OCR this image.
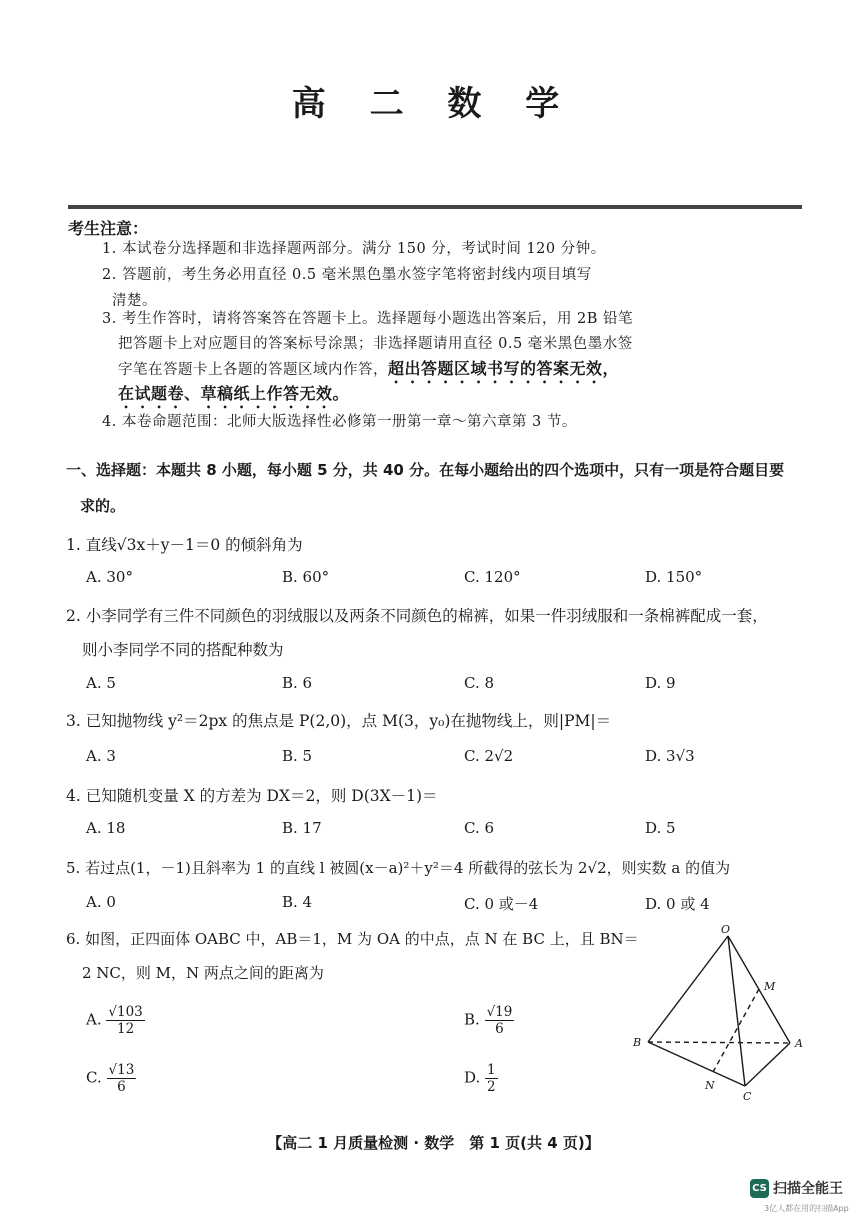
高 二 数 学
考生注意：
1. 本试卷分选择题和非选择题两部分。满分 150 分，考试时间 120 分钟。
2. 答题前，考生务必用直径 0.5 毫米黑色墨水签字笔将密封线内项目填写
清楚。
3. 考生作答时，请将答案答在答题卡上。选择题每小题选出答案后，用 2B 铅笔
把答题卡上对应题目的答案标号涂黑；非选择题请用直径 0.5 毫米黑色墨水签
字笔在答题卡上各题的答题区域内作答，超出答题区域书写的答案无效，
在试题卷、草稿纸上作答无效。
4. 本卷命题范围：北师大版选择性必修第一册第一章～第六章第 3 节。
一、选择题：本题共 8 小题，每小题 5 分，共 40 分。在每小题给出的四个选项中，只有一项是符合题目要
求的。
1. 直线√3x＋y－1＝0 的倾斜角为
A. 30°	B. 60°	C. 120°	D. 150°
2. 小李同学有三件不同颜色的羽绒服以及两条不同颜色的棉裤，如果一件羽绒服和一条棉裤配成一套，
则小李同学不同的搭配种数为
A. 5	B. 6	C. 8	D. 9
3. 已知抛物线 y²＝2px 的焦点是 P(2,0)，点 M(3，y₀)在抛物线上，则|PM|＝
A. 3	B. 5	C. 2√2	D. 3√3
4. 已知随机变量 X 的方差为 DX＝2，则 D(3X－1)＝
A. 18	B. 17	C. 6	D. 5
5. 若过点(1，－1)且斜率为 1 的直线 l 被圆(x－a)²＋y²＝4 所截得的弦长为 2√2，则实数 a 的值为
A. 0	B. 4	C. 0 或－4	D. 0 或 4
6. 如图，正四面体 OABC 中，AB＝1，M 为 OA 的中点，点 N 在 BC 上，且 BN＝
2 NC，则 M，N 两点之间的距离为
A. $\frac{√103}{12}$	B. $\frac{√19}{6}$
C. $\frac{√13}{6}$	D. $\frac{1}{2}$
O
M
B	A
N
C
【高二 1 月质量检测 · 数学　第 1 页(共 4 页)】
CS 扫描全能王
3亿人都在用的扫描App
